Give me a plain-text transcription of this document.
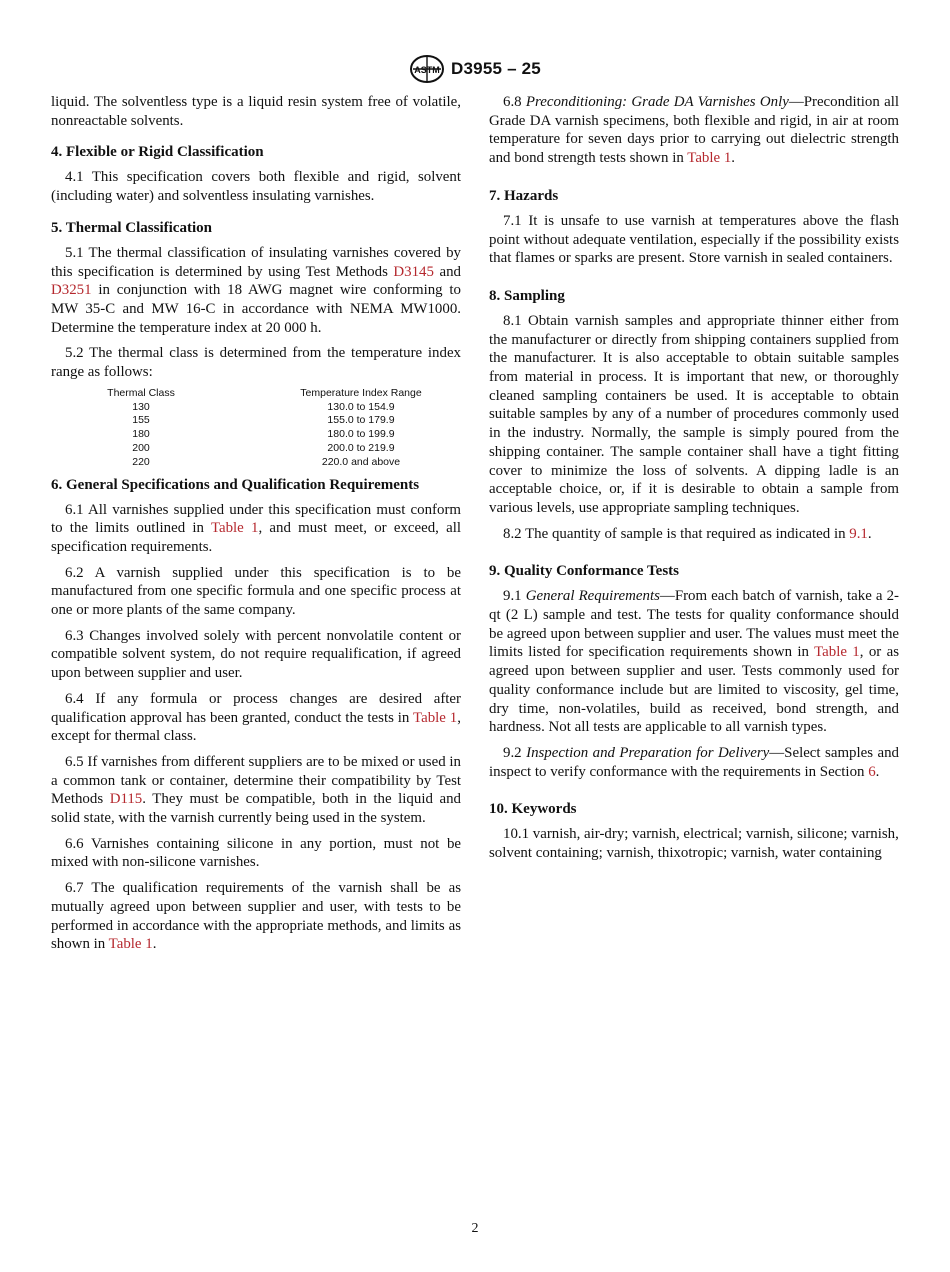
ASTM D3955 – 25

liquid. The solventless type is a liquid resin system free of volatile, nonreactable solvents.

4. Flexible or Rigid Classification

4.1 This specification covers both flexible and rigid, solvent (including water) and solventless insulating varnishes.

5. Thermal Classification

5.1 The thermal classification of insulating varnishes covered by this specification is determined by using Test Methods D3145 and D3251 in conjunction with 18 AWG magnet wire conforming to MW 35-C and MW 16-C in accordance with NEMA MW1000. Determine the temperature index at 20 000 h.

5.2 The thermal class is determined from the temperature index range as follows:

Thermal Class	Temperature Index Range
130	130.0 to 154.9
155	155.0 to 179.9
180	180.0 to 199.9
200	200.0 to 219.9
220	220.0 and above
6. General Specifications and Qualification Requirements

6.1 All varnishes supplied under this specification must conform to the limits outlined in Table 1, and must meet, or exceed, all specification requirements.

6.2 A varnish supplied under this specification is to be manufactured from one specific formula and one specific process at one or more plants of the same company.

6.3 Changes involved solely with percent nonvolatile content or compatible solvent system, do not require requalification, if agreed upon between supplier and user.

6.4 If any formula or process changes are desired after qualification approval has been granted, conduct the tests in Table 1, except for thermal class.

6.5 If varnishes from different suppliers are to be mixed or used in a common tank or container, determine their compatibility by Test Methods D115. They must be compatible, both in the liquid and solid state, with the varnish currently being used in the system.

6.6 Varnishes containing silicone in any portion, must not be mixed with non-silicone varnishes.

6.7 The qualification requirements of the varnish shall be as mutually agreed upon between supplier and user, with tests to be performed in accordance with the appropriate methods, and limits as shown in Table 1.

6.8 Preconditioning: Grade DA Varnishes Only—Precondition all Grade DA varnish specimens, both flexible and rigid, in air at room temperature for seven days prior to carrying out dielectric strength and bond strength tests shown in Table 1.

7. Hazards

7.1 It is unsafe to use varnish at temperatures above the flash point without adequate ventilation, especially if the possibility exists that flames or sparks are present. Store varnish in sealed containers.

8. Sampling

8.1 Obtain varnish samples and appropriate thinner either from the manufacturer or directly from shipping containers supplied from the manufacturer. It is also acceptable to obtain suitable samples from material in process. It is important that new, or thoroughly cleaned sampling containers be used. It is acceptable to obtain suitable samples by any of a number of procedures commonly used in the industry. Normally, the sample is simply poured from the shipping container. The sample container shall have a tight fitting cover to minimize the loss of solvents. A dipping ladle is an acceptable choice, or, if it is desirable to obtain a sample from various levels, use appropriate sampling techniques.

8.2 The quantity of sample is that required as indicated in 9.1.

9. Quality Conformance Tests

9.1 General Requirements—From each batch of varnish, take a 2-qt (2 L) sample and test. The tests for quality conformance should be agreed upon between supplier and user. The values must meet the limits listed for specification requirements shown in Table 1, or as agreed upon between supplier and user. Tests commonly used for quality conformance include but are limited to viscosity, gel time, dry time, non-volatiles, build as received, bond strength, and hardness. Not all tests are applicable to all varnish types.

9.2 Inspection and Preparation for Delivery—Select samples and inspect to verify conformance with the requirements in Section 6.

10. Keywords

10.1 varnish, air-dry; varnish, electrical; varnish, silicone; varnish, solvent containing; varnish, thixotropic; varnish, water containing

2
